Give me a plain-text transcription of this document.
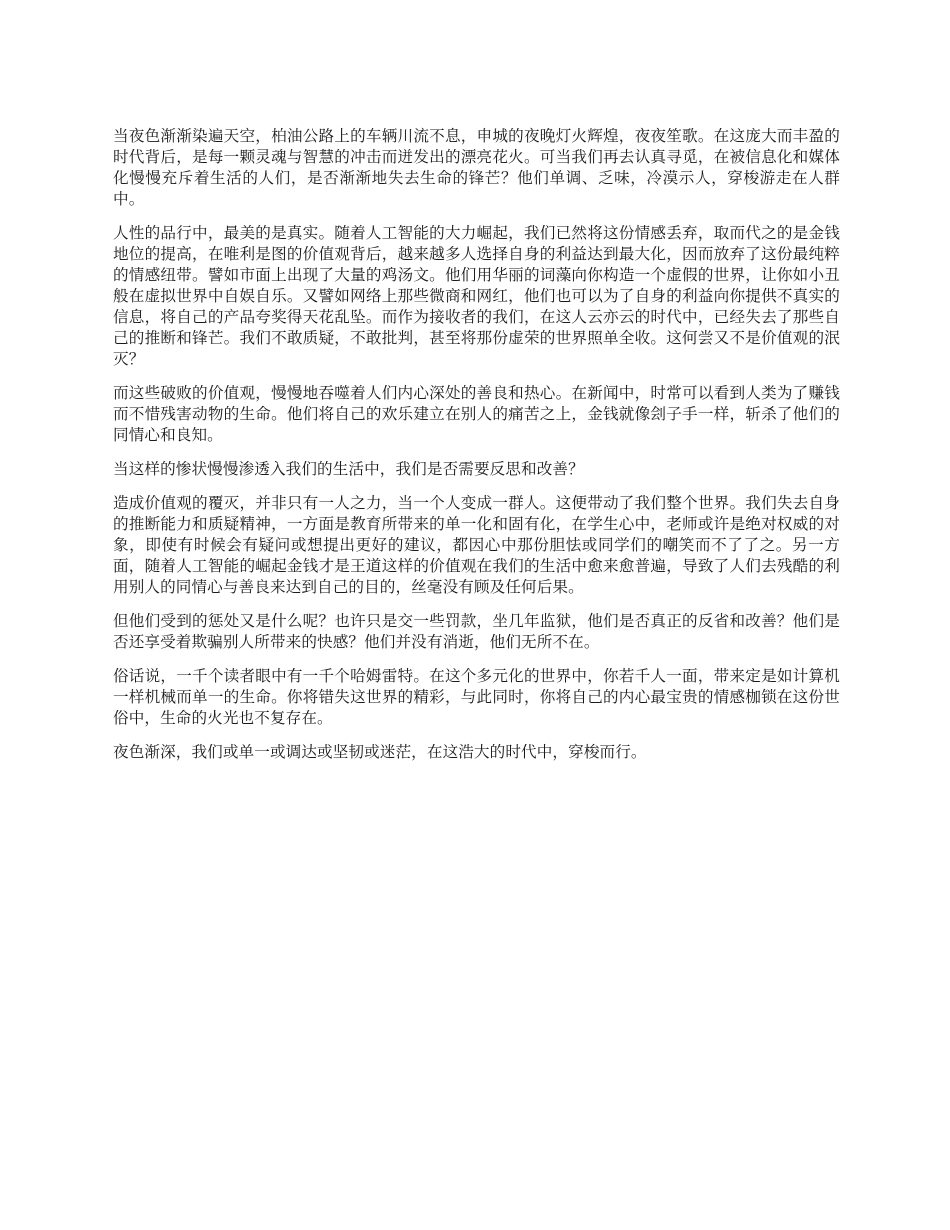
当夜色渐渐染遍天空，柏油公路上的车辆川流不息，申城的夜晚灯火辉煌，夜夜笙歌。在这庞大而丰盈的时代背后，是每一颗灵魂与智慧的冲击而迸发出的漂亮花火。可当我们再去认真寻觅，在被信息化和媒体化慢慢充斥着生活的人们，是否渐渐地失去生命的锋芒？他们单调、乏味，冷漠示人，穿梭游走在人群中。

人性的品行中，最美的是真实。随着人工智能的大力崛起，我们已然将这份情感丢弃，取而代之的是金钱地位的提高，在唯利是图的价值观背后，越来越多人选择自身的利益达到最大化，因而放弃了这份最纯粹的情感纽带。譬如市面上出现了大量的鸡汤文。他们用华丽的词藻向你构造一个虚假的世界，让你如小丑般在虚拟世界中自娱自乐。又譬如网络上那些微商和网红，他们也可以为了自身的利益向你提供不真实的信息，将自己的产品夸奖得天花乱坠。而作为接收者的我们，在这人云亦云的时代中，已经失去了那些自己的推断和锋芒。我们不敢质疑，不敢批判，甚至将那份虚荣的世界照单全收。这何尝又不是价值观的泯灭？

而这些破败的价值观，慢慢地吞噬着人们内心深处的善良和热心。在新闻中，时常可以看到人类为了赚钱而不惜残害动物的生命。他们将自己的欢乐建立在别人的痛苦之上，金钱就像刽子手一样，斩杀了他们的同情心和良知。

当这样的惨状慢慢渗透入我们的生活中，我们是否需要反思和改善？

造成价值观的覆灭，并非只有一人之力，当一个人变成一群人。这便带动了我们整个世界。我们失去自身的推断能力和质疑精神，一方面是教育所带来的单一化和固有化，在学生心中，老师或许是绝对权威的对象，即使有时候会有疑问或想提出更好的建议，都因心中那份胆怯或同学们的嘲笑而不了了之。另一方面，随着人工智能的崛起金钱才是王道这样的价值观在我们的生活中愈来愈普遍，导致了人们去残酷的利用别人的同情心与善良来达到自己的目的，丝毫没有顾及任何后果。

但他们受到的惩处又是什么呢？也许只是交一些罚款，坐几年监狱，他们是否真正的反省和改善？他们是否还享受着欺骗别人所带来的快感？他们并没有消逝，他们无所不在。

俗话说，一千个读者眼中有一千个哈姆雷特。在这个多元化的世界中，你若千人一面，带来定是如计算机一样机械而单一的生命。你将错失这世界的精彩，与此同时，你将自己的内心最宝贵的情感枷锁在这份世俗中，生命的火光也不复存在。

夜色渐深，我们或单一或调达或坚韧或迷茫，在这浩大的时代中，穿梭而行。
